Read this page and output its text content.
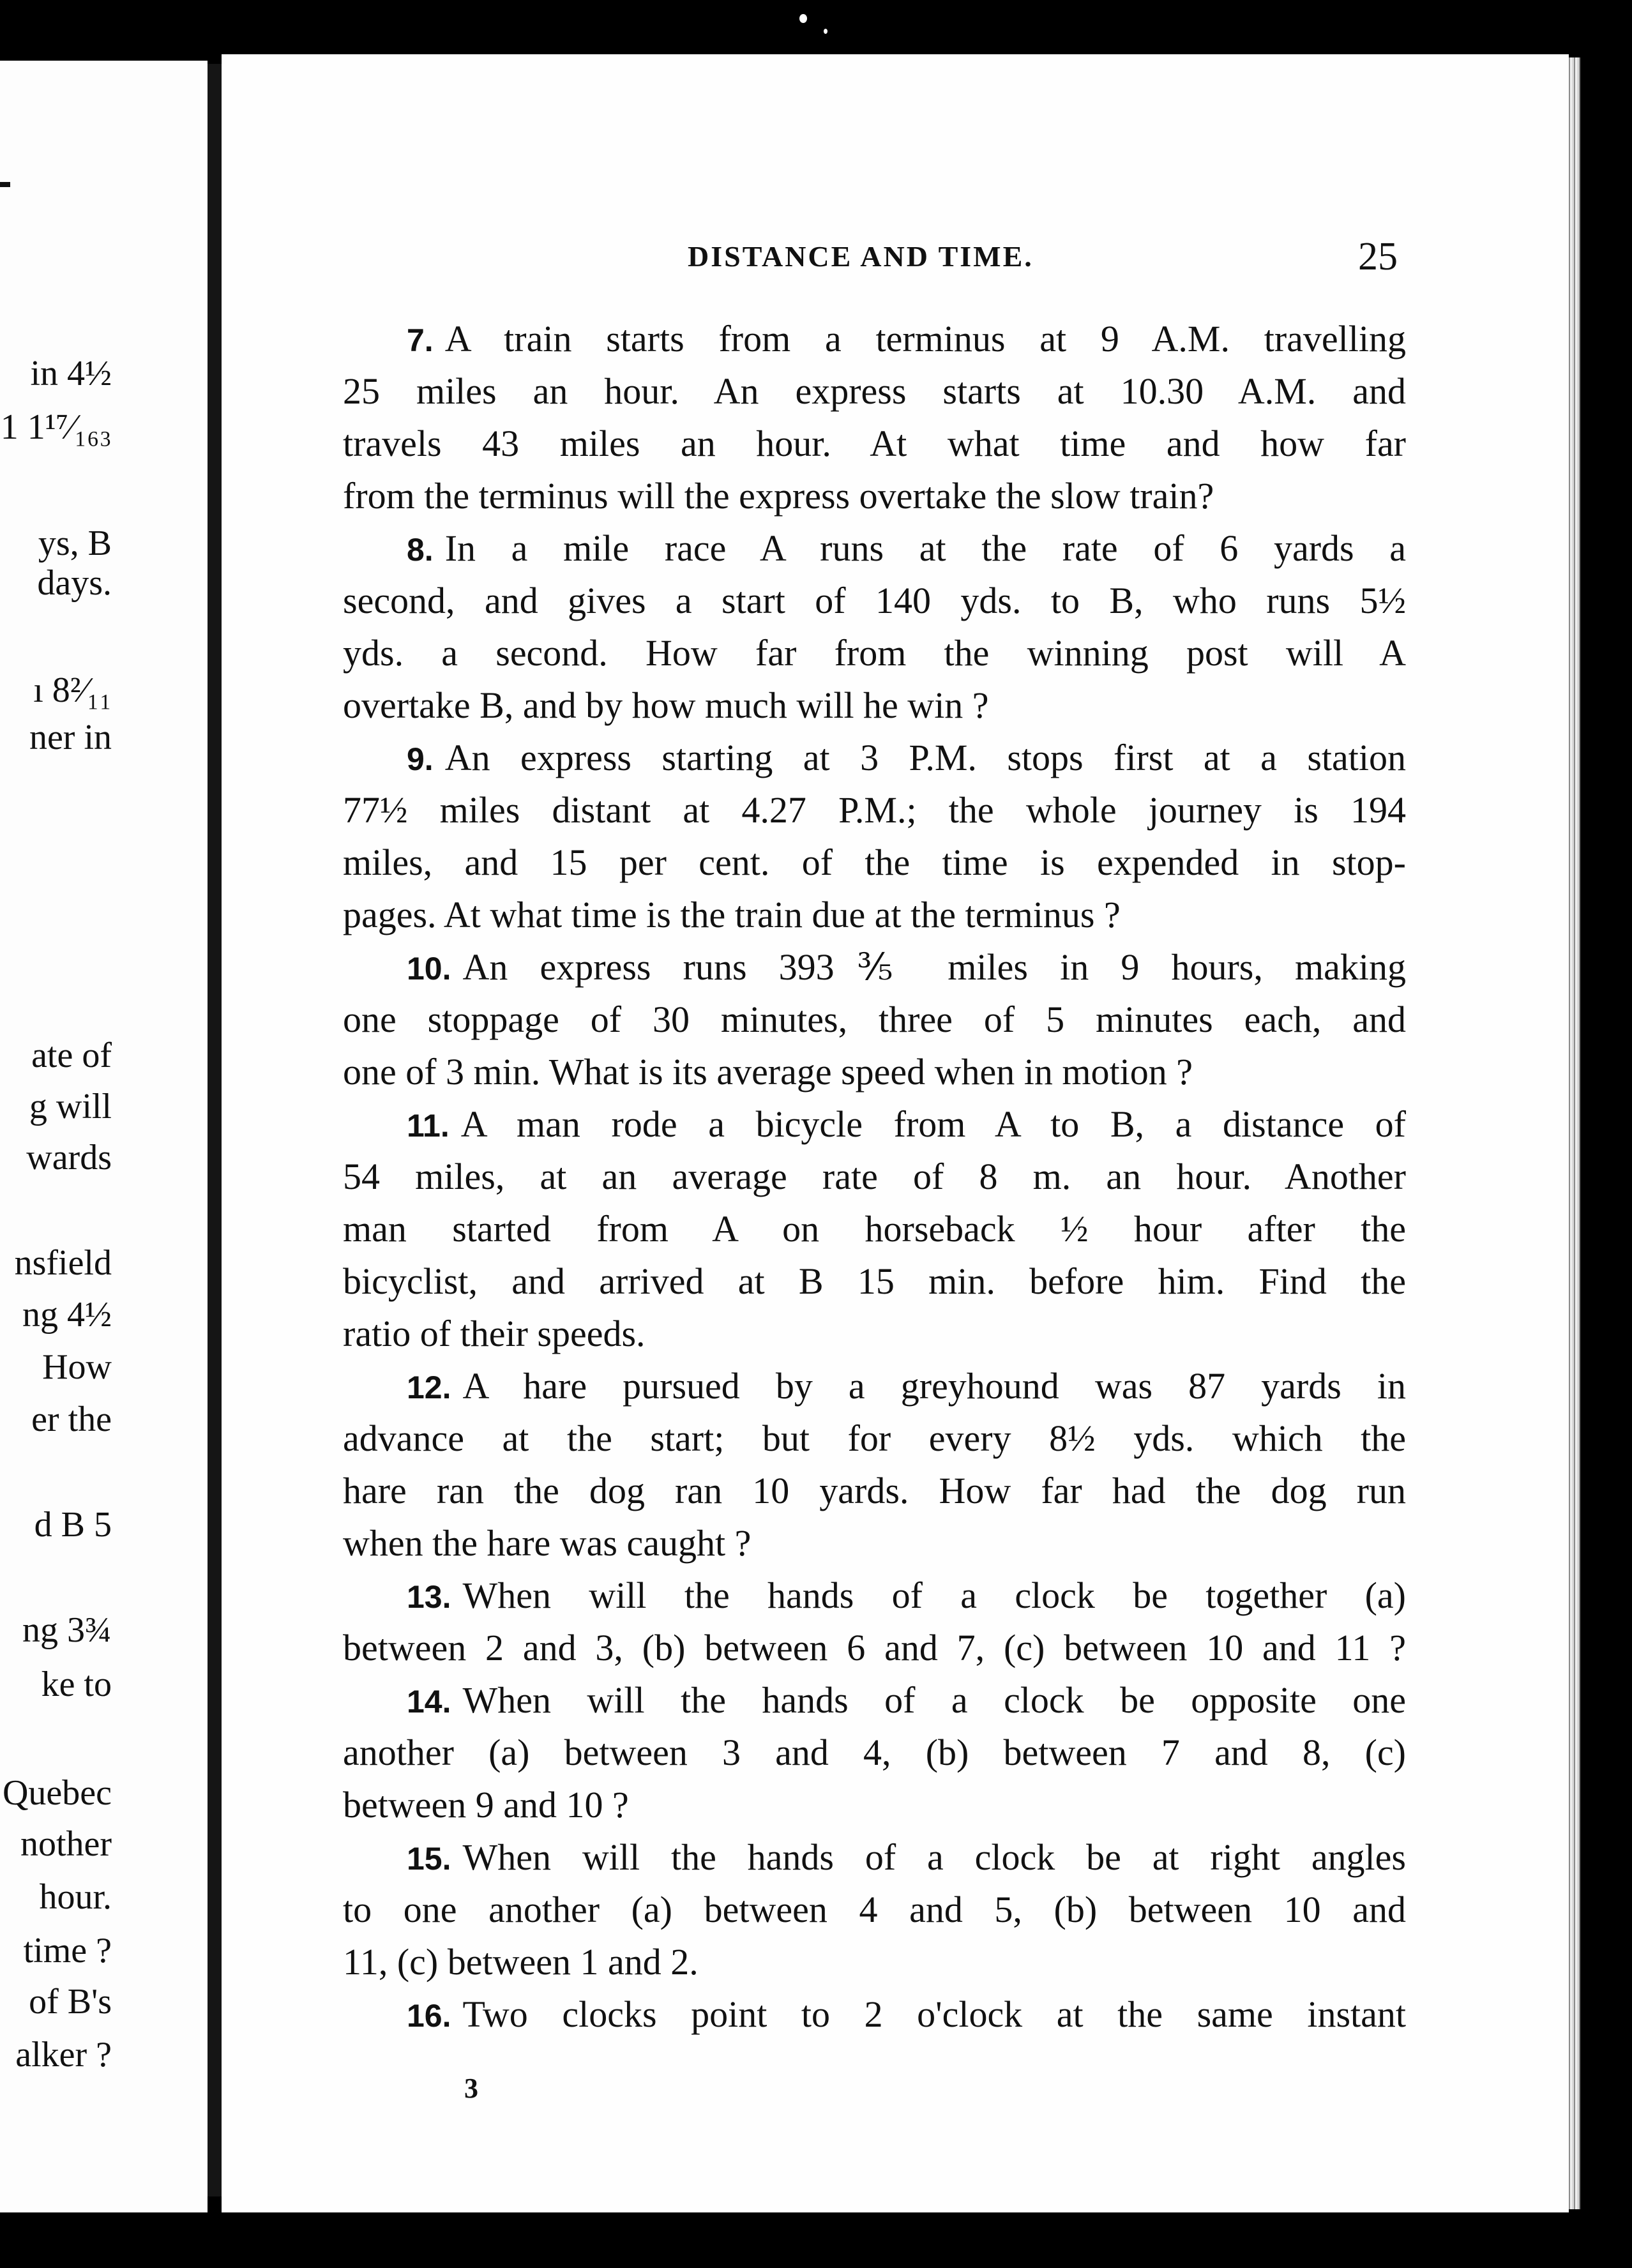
in 4½
1 1¹⁷⁄₁₆₃
ys, B
days.
ı 8²⁄₁₁
ner in
ate of
g will
wards
nsfield
ng 4½
How
er the
d B 5
ng 3¾
ke to
Quebec
nother
hour.
time ?
of B's
alker ?
DISTANCE AND TIME.	25
7. A train starts from a terminus at 9 A.M. travelling
25 miles an hour. An express starts at 10.30 A.M. and
travels 43 miles an hour. At what time and how far
from the terminus will the express overtake the slow train?
8. In a mile race A runs at the rate of 6 yards a
second, and gives a start of 140 yds. to B, who runs 5½
yds. a second. How far from the winning post will A
overtake B, and by how much will he win ?
9. An express starting at 3 P.M. stops first at a station
77½ miles distant at 4.27 P.M.; the whole journey is 194
miles, and 15 per cent. of the time is expended in stop-
pages. At what time is the train due at the terminus ?
10. An express runs 393⅗ miles in 9 hours, making
one stoppage of 30 minutes, three of 5 minutes each, and
one of 3 min. What is its average speed when in motion ?
11. A man rode a bicycle from A to B, a distance of
54 miles, at an average rate of 8 m. an hour. Another
man started from A on horseback ½ hour after the
bicyclist, and arrived at B 15 min. before him. Find the
ratio of their speeds.
12. A hare pursued by a greyhound was 87 yards in
advance at the start; but for every 8½ yds. which the
hare ran the dog ran 10 yards. How far had the dog run
when the hare was caught ?
13. When will the hands of a clock be together (a)
between 2 and 3, (b) between 6 and 7, (c) between 10 and 11 ?
14. When will the hands of a clock be opposite one
another (a) between 3 and 4, (b) between 7 and 8, (c)
between 9 and 10 ?
15. When will the hands of a clock be at right angles
to one another (a) between 4 and 5, (b) between 10 and
11, (c) between 1 and 2.
16. Two clocks point to 2 o'clock at the same instant
3
